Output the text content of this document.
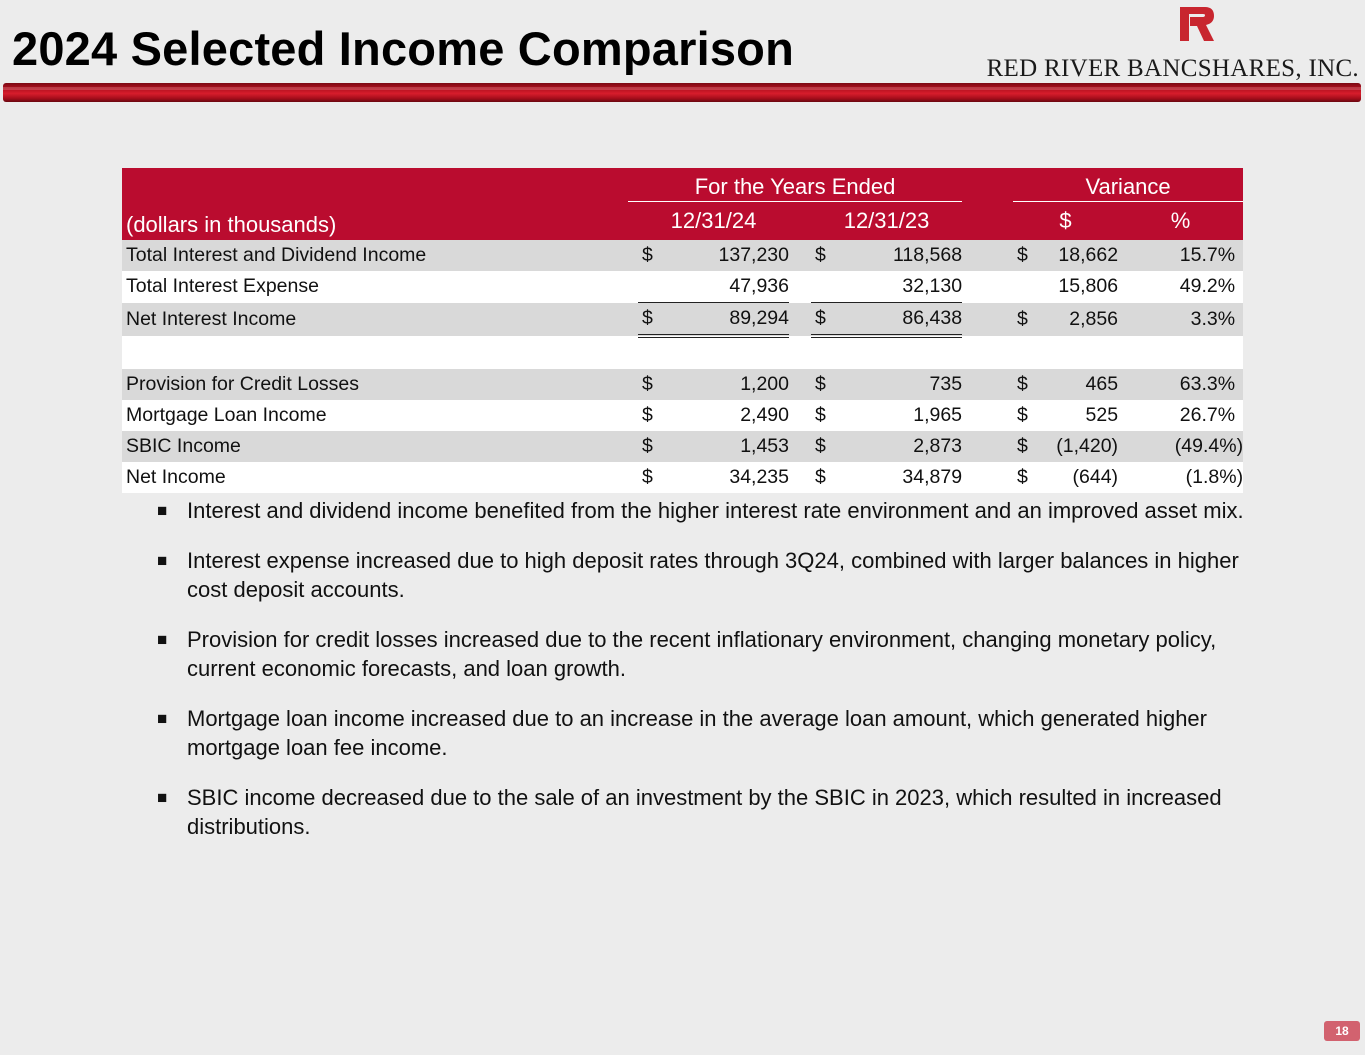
2024 Selected Income Comparison	RED RIVER BANCSHARES, INC.

	For the Years Ended						Variance		

(dollars in thousands)	12/31/24			12/31/23			$		%
Total Interest and Dividend Income	$	137,230		$	118,568		$	18,662	15.7%
Total Interest Expense		47,936			32,130			15,806	49.2%
Net Interest Income	$	89,294		$	86,438		$	2,856	3.3%

Provision for Credit Losses	$	1,200		$	735		$	465	63.3%
Mortgage Loan Income	$	2,490		$	1,965		$	525	26.7%
SBIC Income	$	1,453		$	2,873		$	(1,420)	(49.4%)
Net Income	$	34,235		$	34,879		$	(644)	(1.8%)
■ Interest and dividend income benefited from the higher interest rate environment and an improved asset mix.
■ Interest expense increased due to high deposit rates through 3Q24, combined with larger balances in higher cost deposit accounts.
■ Provision for credit losses increased due to the recent inflationary environment, changing monetary policy, current economic forecasts, and loan growth.
■ Mortgage loan income increased due to an increase in the average loan amount, which generated higher mortgage loan fee income.
■ SBIC income decreased due to the sale of an investment by the SBIC in 2023, which resulted in increased distributions.
18
